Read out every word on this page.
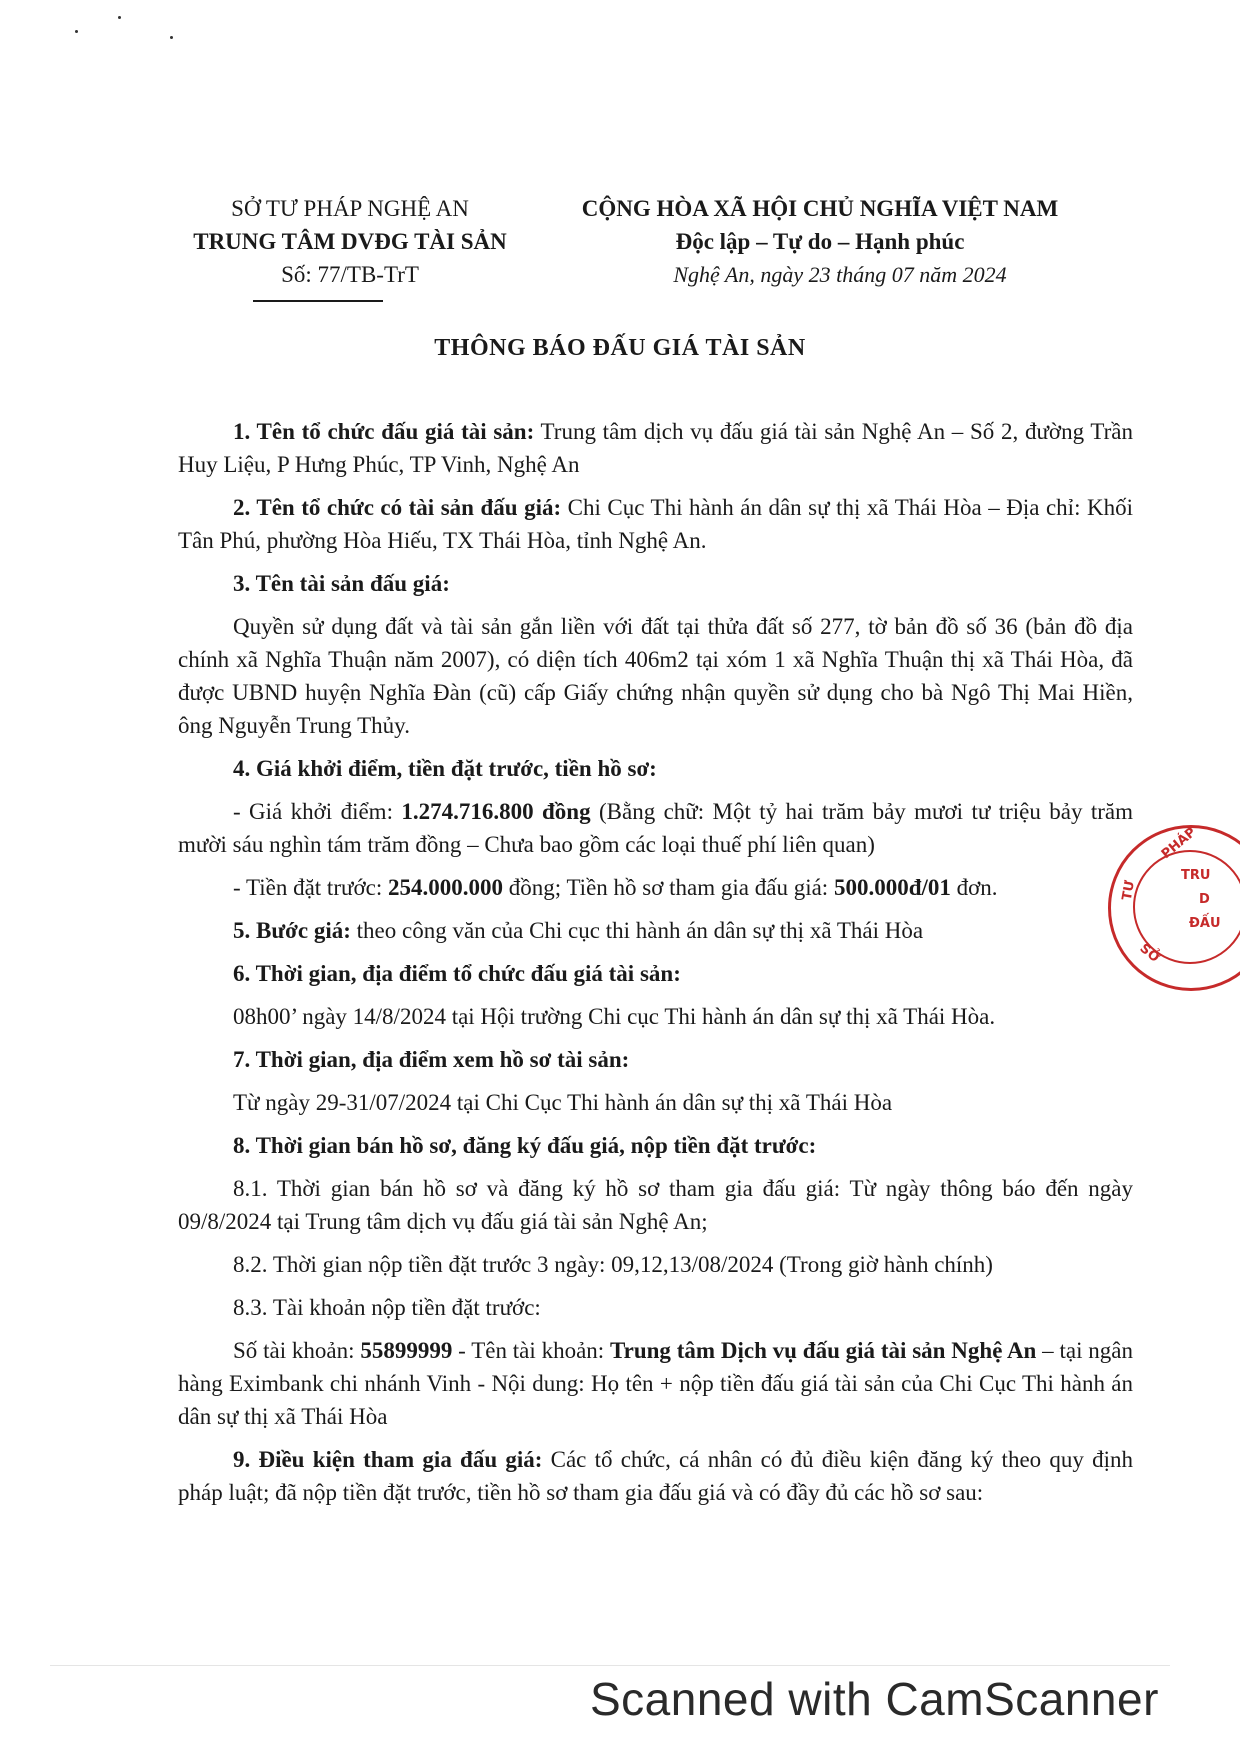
SỞ TƯ PHÁP NGHỆ AN
TRUNG TÂM DVĐG TÀI SẢN
Số: 77/TB-TrT
CỘNG HÒA XÃ HỘI CHỦ NGHĨA VIỆT NAM
Độc lập – Tự do – Hạnh phúc
Nghệ An, ngày 23 tháng 07 năm 2024
THÔNG BÁO ĐẤU GIÁ TÀI SẢN

1. Tên tổ chức đấu giá tài sản: Trung tâm dịch vụ đấu giá tài sản Nghệ An – Số 2, đường Trần Huy Liệu, P Hưng Phúc, TP Vinh, Nghệ An

2. Tên tổ chức có tài sản đấu giá: Chi Cục Thi hành án dân sự thị xã Thái Hòa – Địa chỉ: Khối Tân Phú, phường Hòa Hiếu, TX Thái Hòa, tỉnh Nghệ An.

3. Tên tài sản đấu giá:

Quyền sử dụng đất và tài sản gắn liền với đất tại thửa đất số 277, tờ bản đồ số 36 (bản đồ địa chính xã Nghĩa Thuận năm 2007), có diện tích 406m2 tại xóm 1 xã Nghĩa Thuận thị xã Thái Hòa, đã được UBND huyện Nghĩa Đàn (cũ) cấp Giấy chứng nhận quyền sử dụng cho bà Ngô Thị Mai Hiền, ông Nguyễn Trung Thủy.

4. Giá khởi điểm, tiền đặt trước, tiền hồ sơ:

- Giá khởi điểm: 1.274.716.800 đồng (Bằng chữ: Một tỷ hai trăm bảy mươi tư triệu bảy trăm mười sáu nghìn tám trăm đồng – Chưa bao gồm các loại thuế phí liên quan)

- Tiền đặt trước: 254.000.000 đồng; Tiền hồ sơ tham gia đấu giá: 500.000đ/01 đơn.

5. Bước giá: theo công văn của Chi cục thi hành án dân sự thị xã Thái Hòa

6. Thời gian, địa điểm tổ chức đấu giá tài sản:

08h00’ ngày 14/8/2024 tại Hội trường Chi cục Thi hành án dân sự thị xã Thái Hòa.

7. Thời gian, địa điểm xem hồ sơ tài sản:

Từ ngày 29-31/07/2024 tại Chi Cục Thi hành án dân sự thị xã Thái Hòa

8. Thời gian bán hồ sơ, đăng ký đấu giá, nộp tiền đặt trước:

8.1. Thời gian bán hồ sơ và đăng ký hồ sơ tham gia đấu giá: Từ ngày thông báo đến ngày 09/8/2024 tại Trung tâm dịch vụ đấu giá tài sản Nghệ An;

8.2. Thời gian nộp tiền đặt trước 3 ngày: 09,12,13/08/2024 (Trong giờ hành chính)

8.3. Tài khoản nộp tiền đặt trước:

Số tài khoản: 55899999 - Tên tài khoản: Trung tâm Dịch vụ đấu giá tài sản Nghệ An – tại ngân hàng Eximbank chi nhánh Vinh - Nội dung: Họ tên + nộp tiền đấu giá tài sản của Chi Cục Thi hành án dân sự thị xã Thái Hòa

9. Điều kiện tham gia đấu giá: Các tổ chức, cá nhân có đủ điều kiện đăng ký theo quy định pháp luật; đã nộp tiền đặt trước, tiền hồ sơ tham gia đấu giá và có đầy đủ các hồ sơ sau:

PHÁP
TRU
D
ĐẤU
TƯ
SỞ
Scanned with CamScanner
